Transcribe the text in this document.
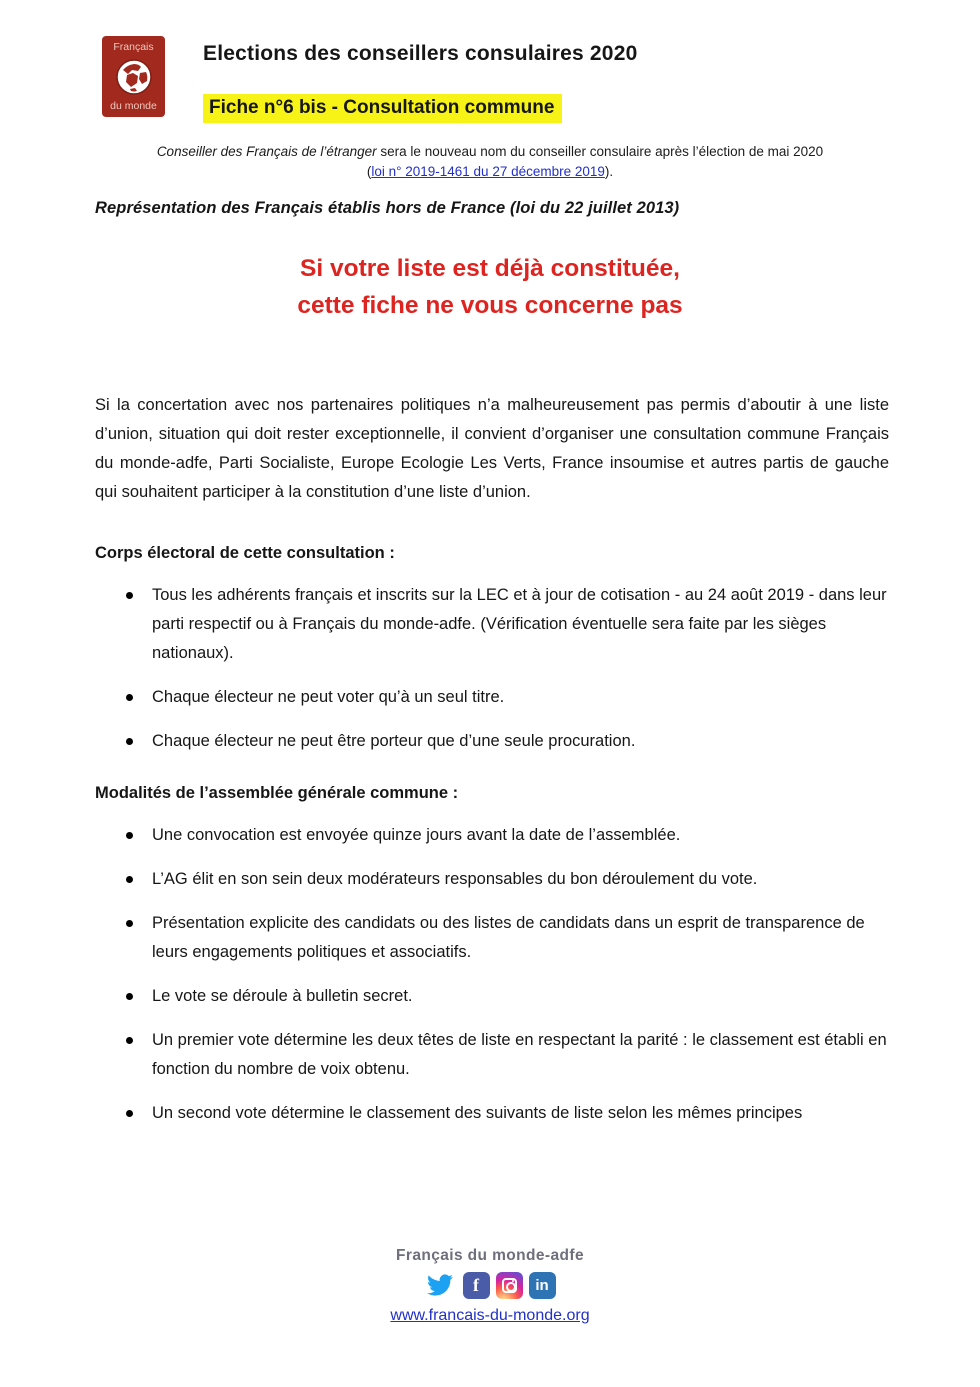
Français
du monde
Elections des conseillers consulaires 2020
Fiche n°6 bis - Consultation commune
Conseiller des Français de l’étranger sera le nouveau nom du conseiller consulaire après l’élection de mai 2020
(loi n° 2019-1461 du 27 décembre 2019).
Représentation des Français établis hors de France (loi du 22 juillet 2013)
Si votre liste est déjà constituée,
cette fiche ne vous concerne pas
Si la concertation avec nos partenaires politiques n’a malheureusement pas permis d’aboutir à une liste d’union, situation qui doit rester exceptionnelle, il convient d’organiser une consultation commune Français du monde-adfe, Parti Socialiste, Europe Ecologie Les Verts, France insoumise et autres partis de gauche qui souhaitent participer à la constitution d’une liste d’union.
Corps électoral de cette consultation :
Tous les adhérents français et inscrits sur la LEC et à jour de cotisation - au 24 août 2019 - dans leur parti respectif ou à Français du monde-adfe. (Vérification éventuelle sera faite par les sièges nationaux).
Chaque électeur ne peut voter qu’à un seul titre.
Chaque électeur ne peut être porteur que d’une seule procuration.
Modalités de l’assemblée générale commune :
Une convocation est envoyée quinze jours avant la date de l’assemblée.
L’AG élit en son sein deux modérateurs responsables du bon déroulement du vote.
Présentation explicite des candidats ou des listes de candidats dans un esprit de transparence de leurs engagements politiques et associatifs.
Le vote se déroule à bulletin secret.
Un premier vote détermine les deux têtes de liste en respectant la parité : le classement est établi en fonction du nombre de voix obtenu.
Un second vote détermine le classement des suivants de liste selon les mêmes principes
Français du monde-adfe
f	in
www.francais-du-monde.org
